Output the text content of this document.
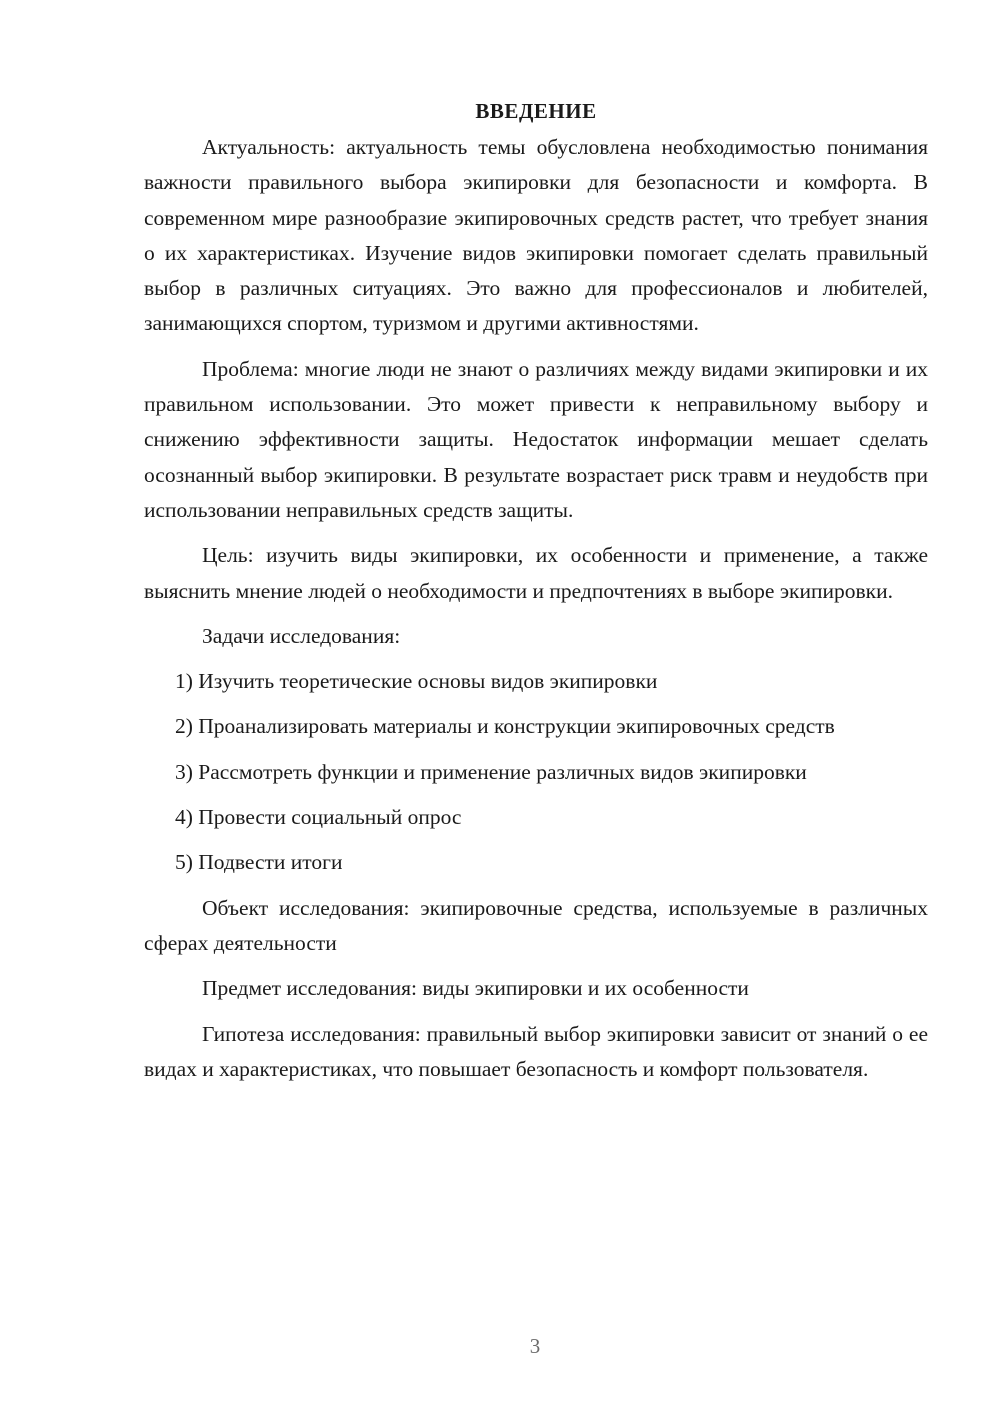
ВВЕДЕНИЕ

Актуальность: актуальность темы обусловлена необходимостью понимания важности правильного выбора экипировки для безопасности и комфорта. В современном мире разнообразие экипировочных средств растет, что требует знания о их характеристиках. Изучение видов экипировки помогает сделать правильный выбор в различных ситуациях. Это важно для профессионалов и любителей, занимающихся спортом, туризмом и другими активностями.

Проблема: многие люди не знают о различиях между видами экипировки и их правильном использовании. Это может привести к неправильному выбору и снижению эффективности защиты. Недостаток информации мешает сделать осознанный выбор экипировки. В результате возрастает риск травм и неудобств при использовании неправильных средств защиты.

Цель: изучить виды экипировки, их особенности и применение, а также выяснить мнение людей о необходимости и предпочтениях в выборе экипировки.

Задачи исследования:

1) Изучить теоретические основы видов экипировки

2) Проанализировать материалы и конструкции экипировочных средств

3) Рассмотреть функции и применение различных видов экипировки

4) Провести социальный опрос

5) Подвести итоги

Объект исследования: экипировочные средства, используемые в различных сферах деятельности

Предмет исследования: виды экипировки и их особенности

Гипотеза исследования: правильный выбор экипировки зависит от знаний о ее видах и характеристиках, что повышает безопасность и комфорт пользователя.

3
